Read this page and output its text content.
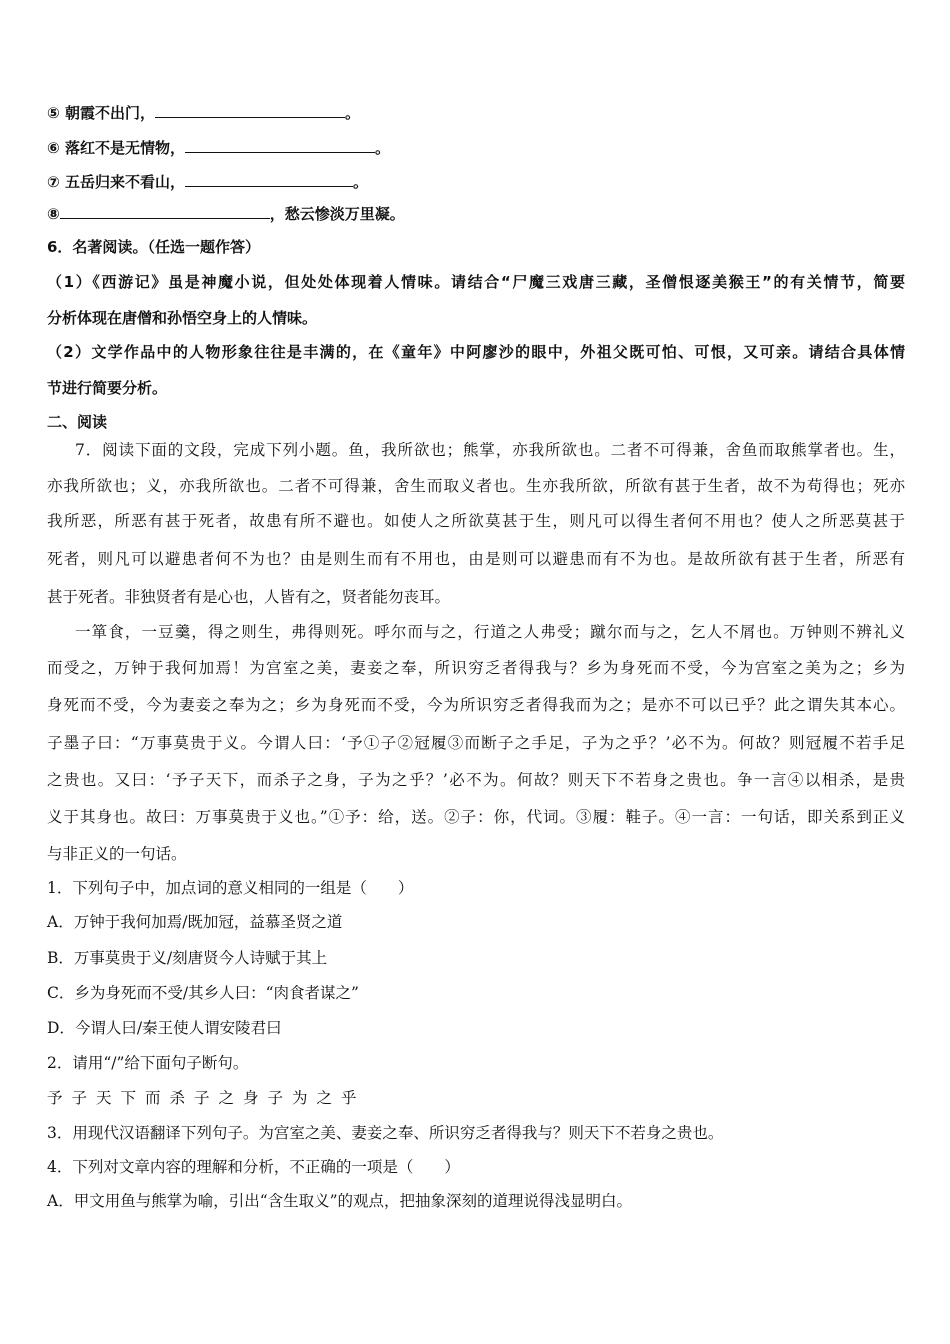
⑤ 朝霞不出门，	。
⑥ 落红不是无情物，	。
⑦ 五岳归来不看山，	。
⑧	，愁云惨淡万里凝。
6．名著阅读。（任选一题作答）
（1）《西游记》虽是神魔小说，但处处体现着人情味。请结合“尸魔三戏唐三藏，圣僧恨逐美猴王”的有关情节，简要
分析体现在唐僧和孙悟空身上的人情味。
（2）文学作品中的人物形象往往是丰满的，在《童年》中阿廖沙的眼中，外祖父既可怕、可恨，又可亲。请结合具体情
节进行简要分析。
二、阅读
7．阅读下面的文段，完成下列小题。鱼，我所欲也；熊掌，亦我所欲也。二者不可得兼，舍鱼而取熊掌者也。生，
亦我所欲也；义，亦我所欲也。二者不可得兼，舍生而取义者也。生亦我所欲，所欲有甚于生者，故不为苟得也；死亦
我所恶，所恶有甚于死者，故患有所不避也。如使人之所欲莫甚于生，则凡可以得生者何不用也？使人之所恶莫甚于
死者，则凡可以避患者何不为也？由是则生而有不用也，由是则可以避患而有不为也。是故所欲有甚于生者，所恶有
甚于死者。非独贤者有是心也，人皆有之，贤者能勿丧耳。
一箪食，一豆羹，得之则生，弗得则死。呼尔而与之，行道之人弗受；蹴尔而与之，乞人不屑也。万钟则不辨礼义
而受之，万钟于我何加焉！为宫室之美，妻妾之奉，所识穷乏者得我与？乡为身死而不受，今为宫室之美为之；乡为
身死而不受，今为妻妾之奉为之；乡为身死而不受，今为所识穷乏者得我而为之；是亦不可以已乎？此之谓失其本心。
子墨子曰：“万事莫贵于义。今谓人曰：‘予①子②冠履③而断子之手足，子为之乎？’必不为。何故？则冠履不若手足
之贵也。又曰：‘予子天下，而杀子之身，子为之乎？’必不为。何故？则天下不若身之贵也。争一言④以相杀，是贵
义于其身也。故曰：万事莫贵于义也。”①予：给，送。②子：你，代词。③履：鞋子。④一言：一句话，即关系到正义
与非正义的一句话。
1．下列句子中，加点词的意义相同的一组是（　　）
A．万钟于我何加焉/既加冠，益慕圣贤之道
B．万事莫贵于义/刻唐贤今人诗赋于其上
C．乡为身死而不受/其乡人曰：“肉食者谋之”
D．今谓人曰/秦王使人谓安陵君曰
2．请用“/”给下面句子断句。
予子天下而杀子之身子为之乎
3．用现代汉语翻译下列句子。为宫室之美、妻妾之奉、所识穷乏者得我与？则天下不若身之贵也。
4．下列对文章内容的理解和分析，不正确的一项是（　　）
A．甲文用鱼与熊掌为喻，引出“含生取义”的观点，把抽象深刻的道理说得浅显明白。
